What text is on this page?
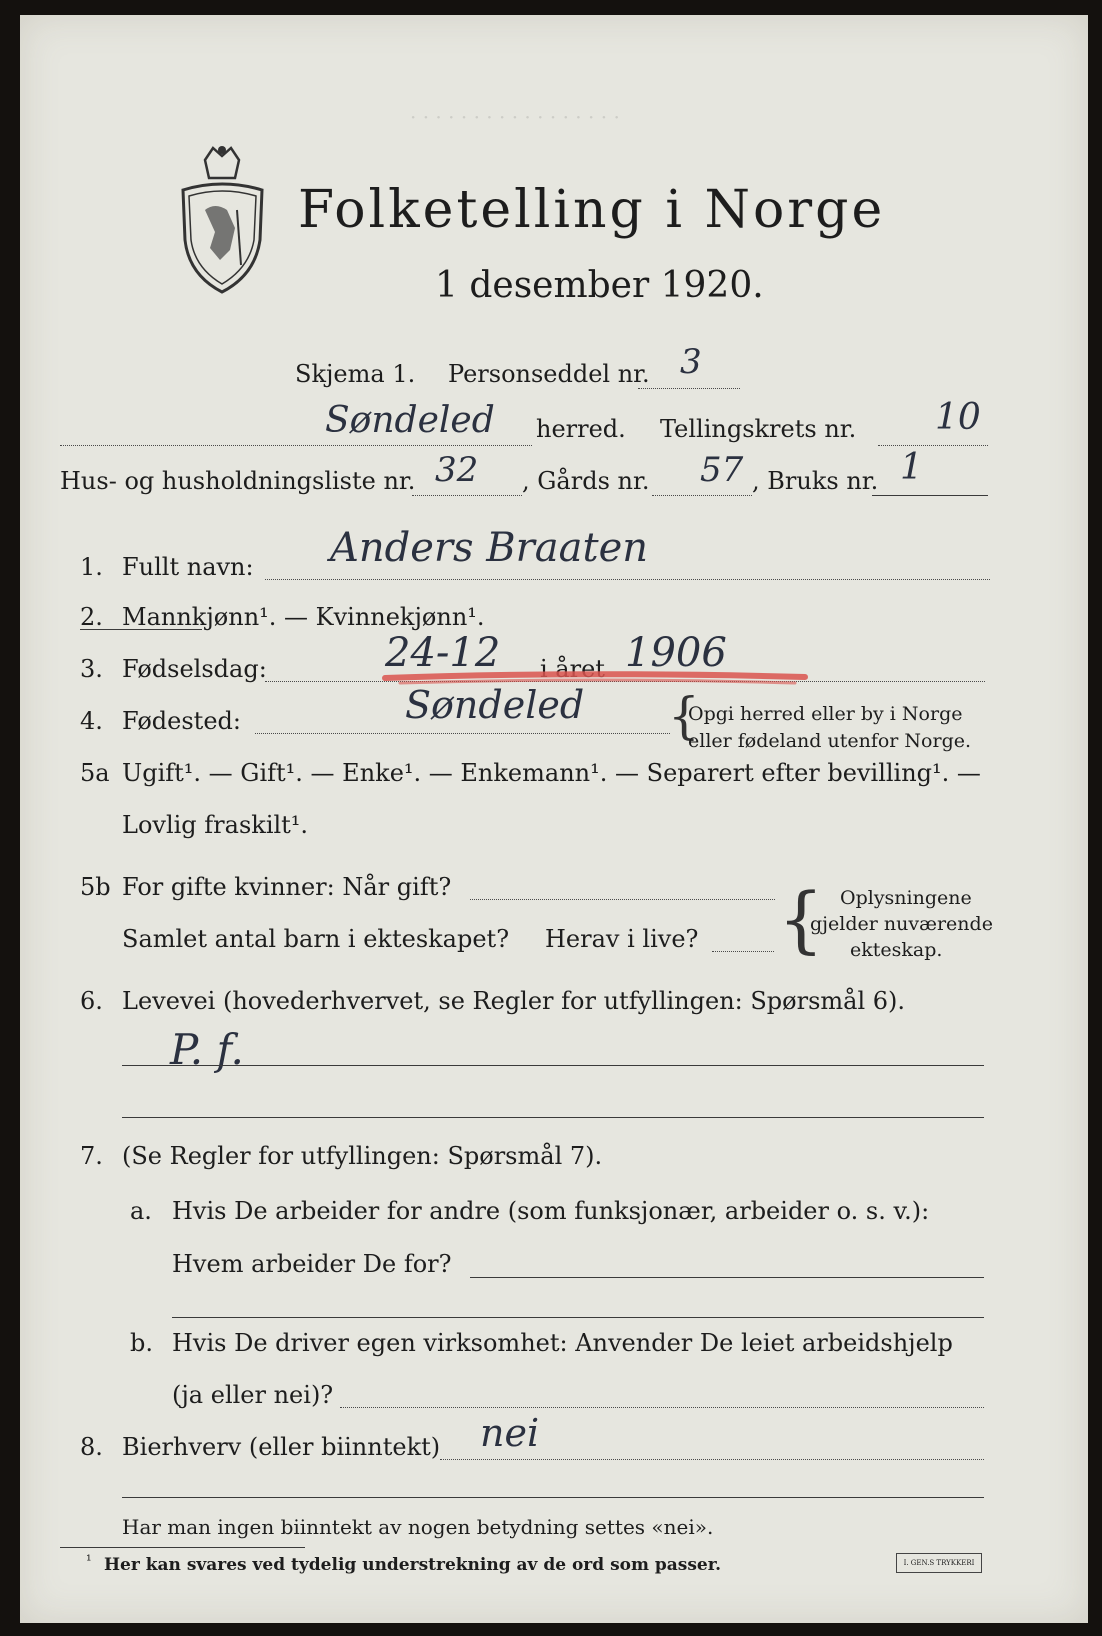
· · · · · · · · · · · · · · · · ·
Folketelling i Norge
1 desember 1920.
Skjema 1. Personseddel nr. 3
Søndeled herred. Tellingskrets nr. 10
Hus- og husholdningsliste nr. 32 , Gårds nr. 57 , Bruks nr. 1
1. Fullt navn: Anders Braaten
2. Mannkjønn¹. — Kvinnekjønn¹.
3. Fødselsdag:	24-12 i året 1906
4. Fødested:	Søndeled {
Opgi herred eller by i Norge
eller fødeland utenfor Norge.
5a Ugift¹. — Gift¹. — Enke¹. — Enkemann¹. — Separert efter bevilling¹. —
Lovlig fraskilt¹.
5b For gifte kvinner: Når gift?
Samlet antal barn i ekteskapet? Herav i live? { Oplysningene
gjelder nuværende
ekteskap.
6. Levevei (hovederhvervet, se Regler for utfyllingen: Spørsmål 6).
P. f.
7. (Se Regler for utfyllingen: Spørsmål 7).
a. Hvis De arbeider for andre (som funksjonær, arbeider o. s. v.):
Hvem arbeider De for?
b. Hvis De driver egen virksomhet: Anvender De leiet arbeidshjelp
(ja eller nei)?
8. Bierhverv (eller biinntekt) nei
Har man ingen biinntekt av nogen betydning settes «nei».
¹ Her kan svares ved tydelig understrekning av de ord som passer.	I. GEN.S TRYKKERI
